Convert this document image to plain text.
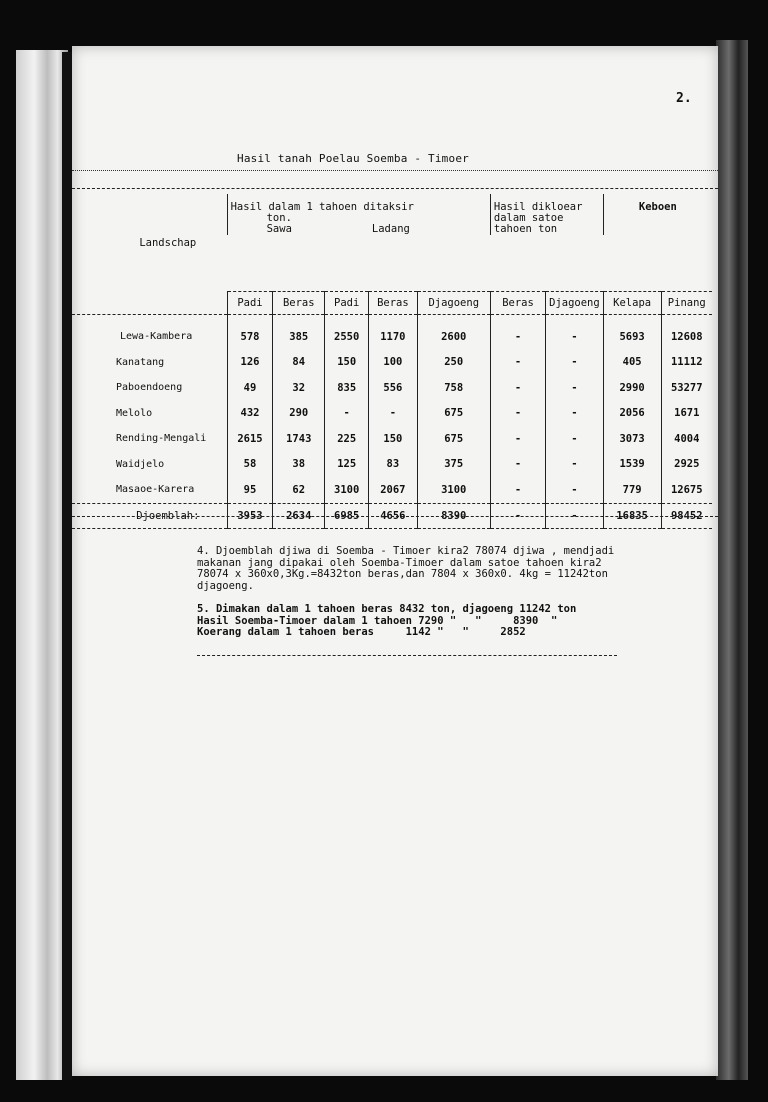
2.
Hasil tanah Poelau Soemba - Timoer
Landschap	Hasil dalam 1 tahoen ditaksir
ton.
Sawa Ladang					Hasil dikloear
dalam satoe
tahoen ton		Keboen	

	Padi	Beras	Padi	Beras	Djagoeng	Beras	Djagoeng	Kelapa	Pinang

Lewa-Kambera	578	385	2550	1170	2600	-	-	5693	12608
Kanatang	126	84	150	100	250	-	-	405	11112
Paboendoeng	49	32	835	556	758	-	-	2990	53277
Melolo	432	290	-	-	675	-	-	2056	1671
Rending-Mengali	2615	1743	225	150	675	-	-	3073	4004
Waidjelo	58	38	125	83	375	-	-	1539	2925
Masaoe-Karera	95	62	3100	2067	3100	-	-	779	12675
Djoemblah:	3953	2634	6985	4656	8390	-	-	16835	98452

4. Djoemblah djiwa di Soemba - Timoer kira2 78074 djiwa , mendjadi
makanan jang dipakai oleh Soemba-Timoer dalam satoe tahoen kira2
78074 x 360x0,3Kg.=8432ton beras,dan 7804 x 360x0. 4kg = 11242ton
djagoeng.

5. Dimakan dalam 1 tahoen beras 8432 ton, djagoeng 11242 ton
Hasil Soemba-Timoer dalam 1 tahoen 7290 "   "     8390  "
Koerang dalam 1 tahoen beras     1142 "   "     2852
